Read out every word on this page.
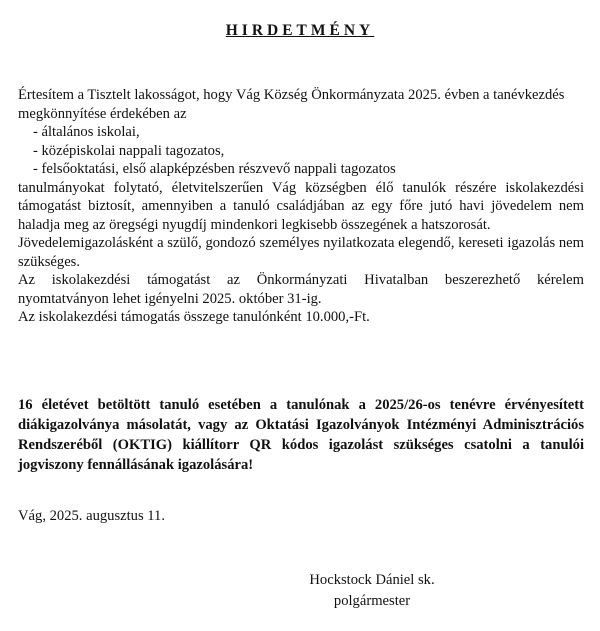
HIRDETMÉNY

Értesítem a Tisztelt lakosságot, hogy Vág Község Önkormányzata 2025. évben a tanévkezdés megkönnyítése érdekében az

- általános iskolai,

- középiskolai nappali tagozatos,

- felsőoktatási, első alapképzésben részvevő nappali tagozatos

tanulmányokat folytató, életvitelszerűen Vág községben élő tanulók részére iskolakezdési támogatást biztosít, amennyiben a tanuló családjában az egy főre jutó havi jövedelem nem haladja meg az öregségi nyugdíj mindenkori legkisebb összegének a hatszorosát.

Jövedelemigazolásként a szülő, gondozó személyes nyilatkozata elegendő, kereseti igazolás nem szükséges.

Az iskolakezdési támogatást az Önkormányzati Hivatalban beszerezhető kérelem nyomtatványon lehet igényelni 2025. október 31-ig.

Az iskolakezdési támogatás összege tanulónként 10.000,-Ft.

16 életévet betöltött tanuló esetében a tanulónak a 2025/26-os tenévre érvényesített diákigazolványa másolatát, vagy az Oktatási Igazolványok Intézményi Adminisztrációs Rendszeréből (OKTIG) kiállítorr QR kódos igazolást szükséges csatolni a tanulói jogviszony fennállásának igazolására!

Vág, 2025. augusztus 11.
Hockstock Dániel sk.
polgármester
